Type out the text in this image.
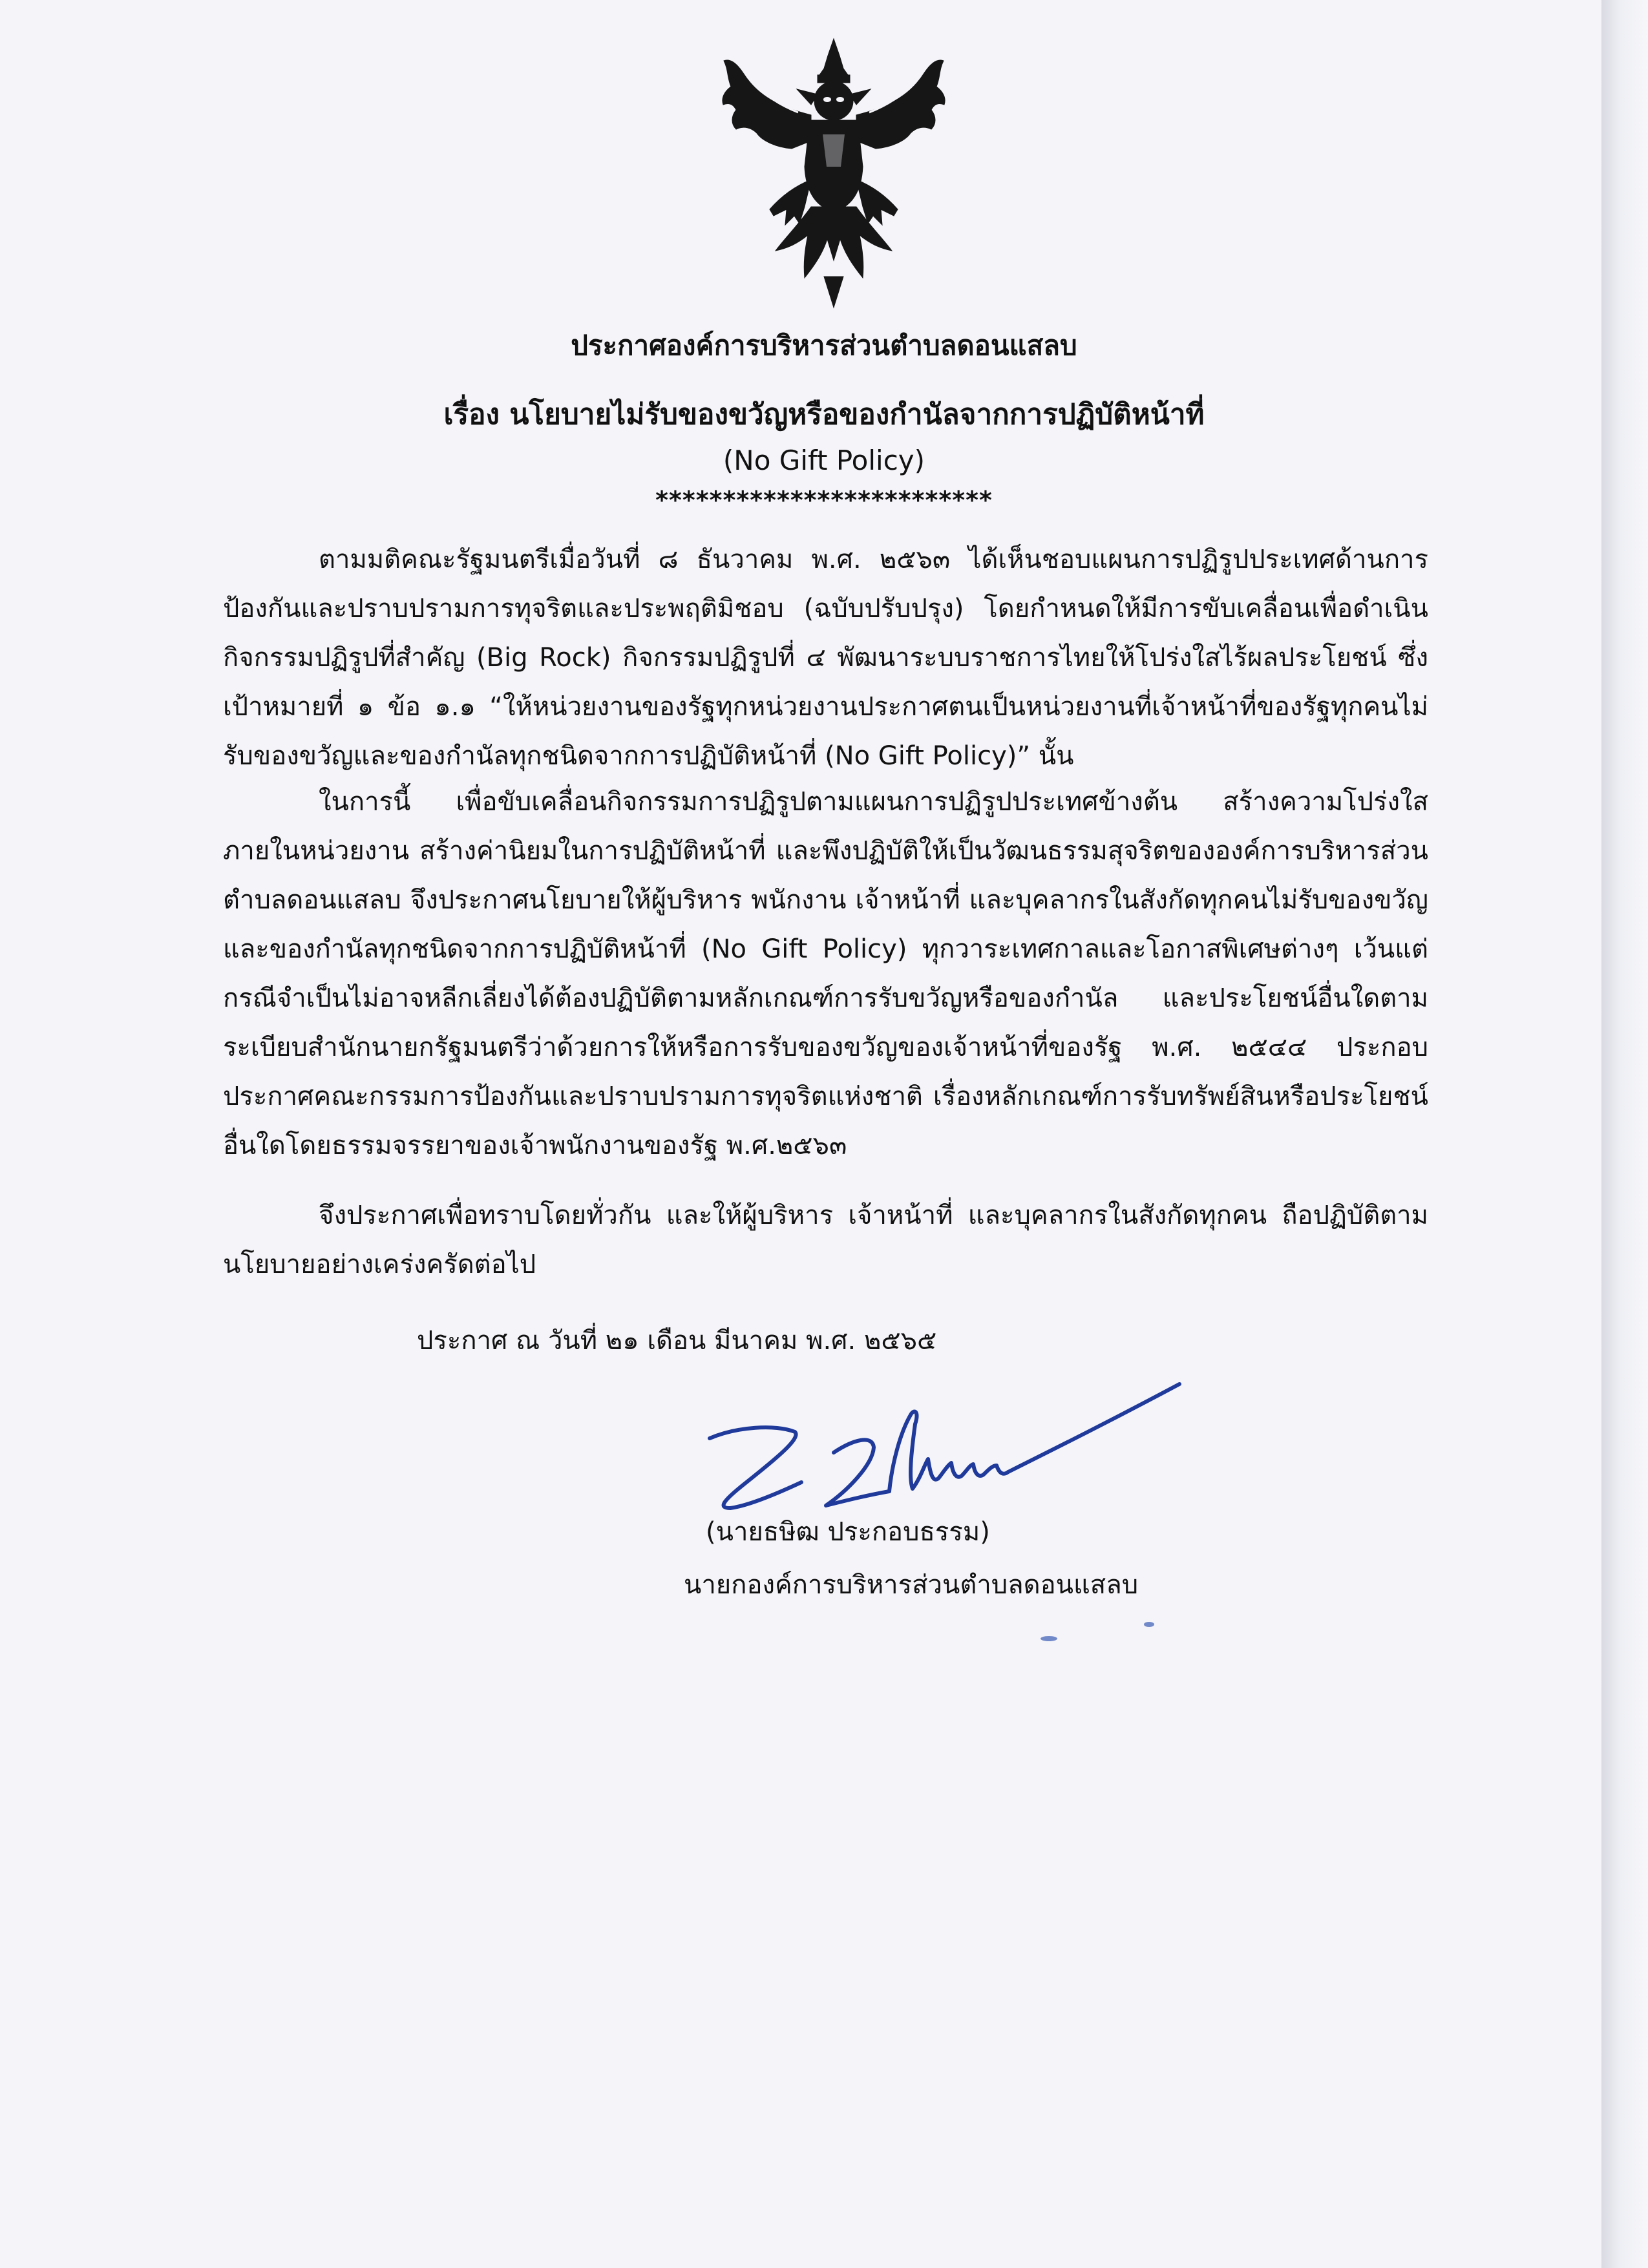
ประกาศองค์การบริหารส่วนตำบลดอนแสลบ
เรื่อง นโยบายไม่รับของขวัญหรือของกำนัลจากการปฏิบัติหน้าที่
(No Gift Policy)
*************************

ตามมติคณะรัฐมนตรีเมื่อวันที่ ๘ ธันวาคม พ.ศ. ๒๕๖๓ ได้เห็นชอบแผนการปฏิรูปประเทศด้านการป้องกันและปราบปรามการทุจริตและประพฤติมิชอบ (ฉบับปรับปรุง) โดยกำหนดให้มีการขับเคลื่อนเพื่อดำเนินกิจกรรมปฏิรูปที่สำคัญ (Big Rock) กิจกรรมปฏิรูปที่ ๔ พัฒนาระบบราชการไทยให้โปร่งใสไร้ผลประโยชน์ ซึ่งเป้าหมายที่ ๑ ข้อ ๑.๑ “ให้หน่วยงานของรัฐทุกหน่วยงานประกาศตนเป็นหน่วยงานที่เจ้าหน้าที่ของรัฐทุกคนไม่รับของขวัญและของกำนัลทุกชนิดจากการปฏิบัติหน้าที่ (No Gift Policy)” นั้น

ในการนี้ เพื่อขับเคลื่อนกิจกรรมการปฏิรูปตามแผนการปฏิรูปประเทศข้างต้น สร้างความโปร่งใสภายในหน่วยงาน สร้างค่านิยมในการปฏิบัติหน้าที่ และพึงปฏิบัติให้เป็นวัฒนธรรมสุจริตขององค์การบริหารส่วนตำบลดอนแสลบ จึงประกาศนโยบายให้ผู้บริหาร พนักงาน เจ้าหน้าที่ และบุคลากรในสังกัดทุกคนไม่รับของขวัญและของกำนัลทุกชนิดจากการปฏิบัติหน้าที่ (No Gift Policy) ทุกวาระเทศกาลและโอกาสพิเศษต่างๆ เว้นแต่กรณีจำเป็นไม่อาจหลีกเลี่ยงได้ต้องปฏิบัติตามหลักเกณฑ์การรับขวัญหรือของกำนัล และประโยชน์อื่นใดตามระเบียบสำนักนายกรัฐมนตรีว่าด้วยการให้หรือการรับของขวัญของเจ้าหน้าที่ของรัฐ พ.ศ. ๒๕๔๔ ประกอบประกาศคณะกรรมการป้องกันและปราบปรามการทุจริตแห่งชาติ เรื่องหลักเกณฑ์การรับทรัพย์สินหรือประโยชน์อื่นใดโดยธรรมจรรยาของเจ้าพนักงานของรัฐ พ.ศ.๒๕๖๓

จึงประกาศเพื่อทราบโดยทั่วกัน และให้ผู้บริหาร เจ้าหน้าที่ และบุคลากรในสังกัดทุกคน ถือปฏิบัติตามนโยบายอย่างเคร่งครัดต่อไป

ประกาศ ณ วันที่ ๒๑ เดือน มีนาคม พ.ศ. ๒๕๖๕
(นายธษิฒ ประกอบธรรม)
นายกองค์การบริหารส่วนตำบลดอนแสลบ
